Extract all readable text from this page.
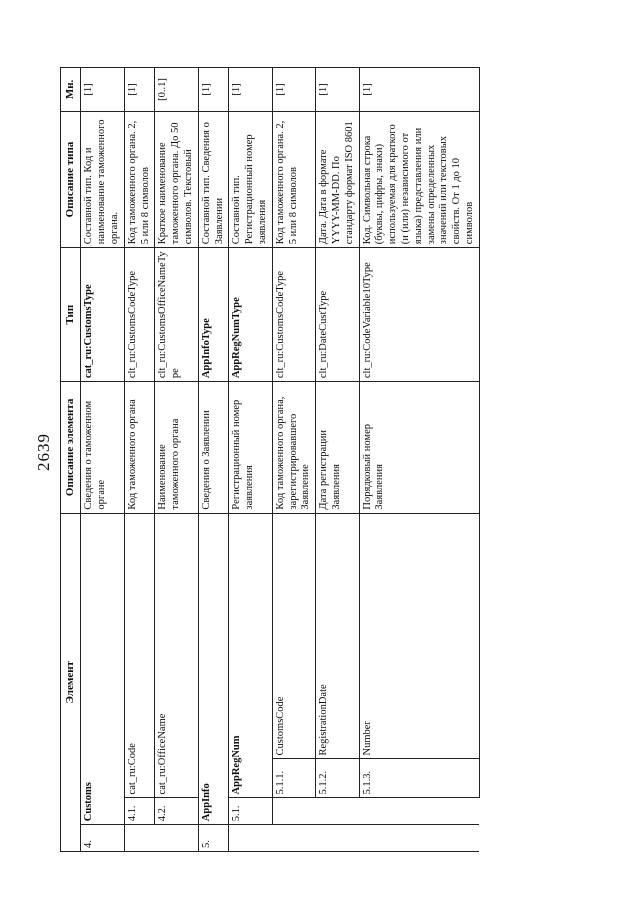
2639
Элемент				Описание элемента	Тип	Описание типа	Мн.
4.	Customs			Сведения о таможенном органе	cat_ru:CustomsType	Составной тип. Код и наименование таможенного органа.	[1]
	4.1.	cat_ru:Code		Код таможенного органа	clt_ru:CustomsCodeType	Код таможенного органа. 2, 5 или 8 символов	[1]
	4.2.	cat_ru:OfficeName		Наименование таможенного органа	clt_ru:CustomsOfficeNameType	Краткое наименование таможенного органа. До 50 символов. Текстовый	[0..1]
5.	AppInfo			Сведения о Заявлении	AppInfoType	Составной тип. Сведения о Заявлении	[1]
	5.1.	AppRegNum		Регистрационный номер заявления	AppRegNumType	Составной тип. Регистрационный номер заявления	[1]
		5.1.1.	CustomsCode	Код таможенного органа, зарегистрировавшего Заявление	clt_ru:CustomsCodeType	Код таможенного органа. 2, 5 или 8 символов	[1]
		5.1.2.	RegistrationDate	Дата регистрации Заявления	clt_ru:DateCustType	Дата. Дата в формате YYYY-MM-DD. По стандарту формат ISO 8601	[1]
		5.1.3.	Number	Порядковый номер Заявления	clt_ru:CodeVariable10Type	Код. Символьная строка (буквы, цифры, знаки) используемая для краткого (и (или) независимого от языка) представления или замены определенных значений или текстовых свойств. От 1 до 10 символов	[1]
